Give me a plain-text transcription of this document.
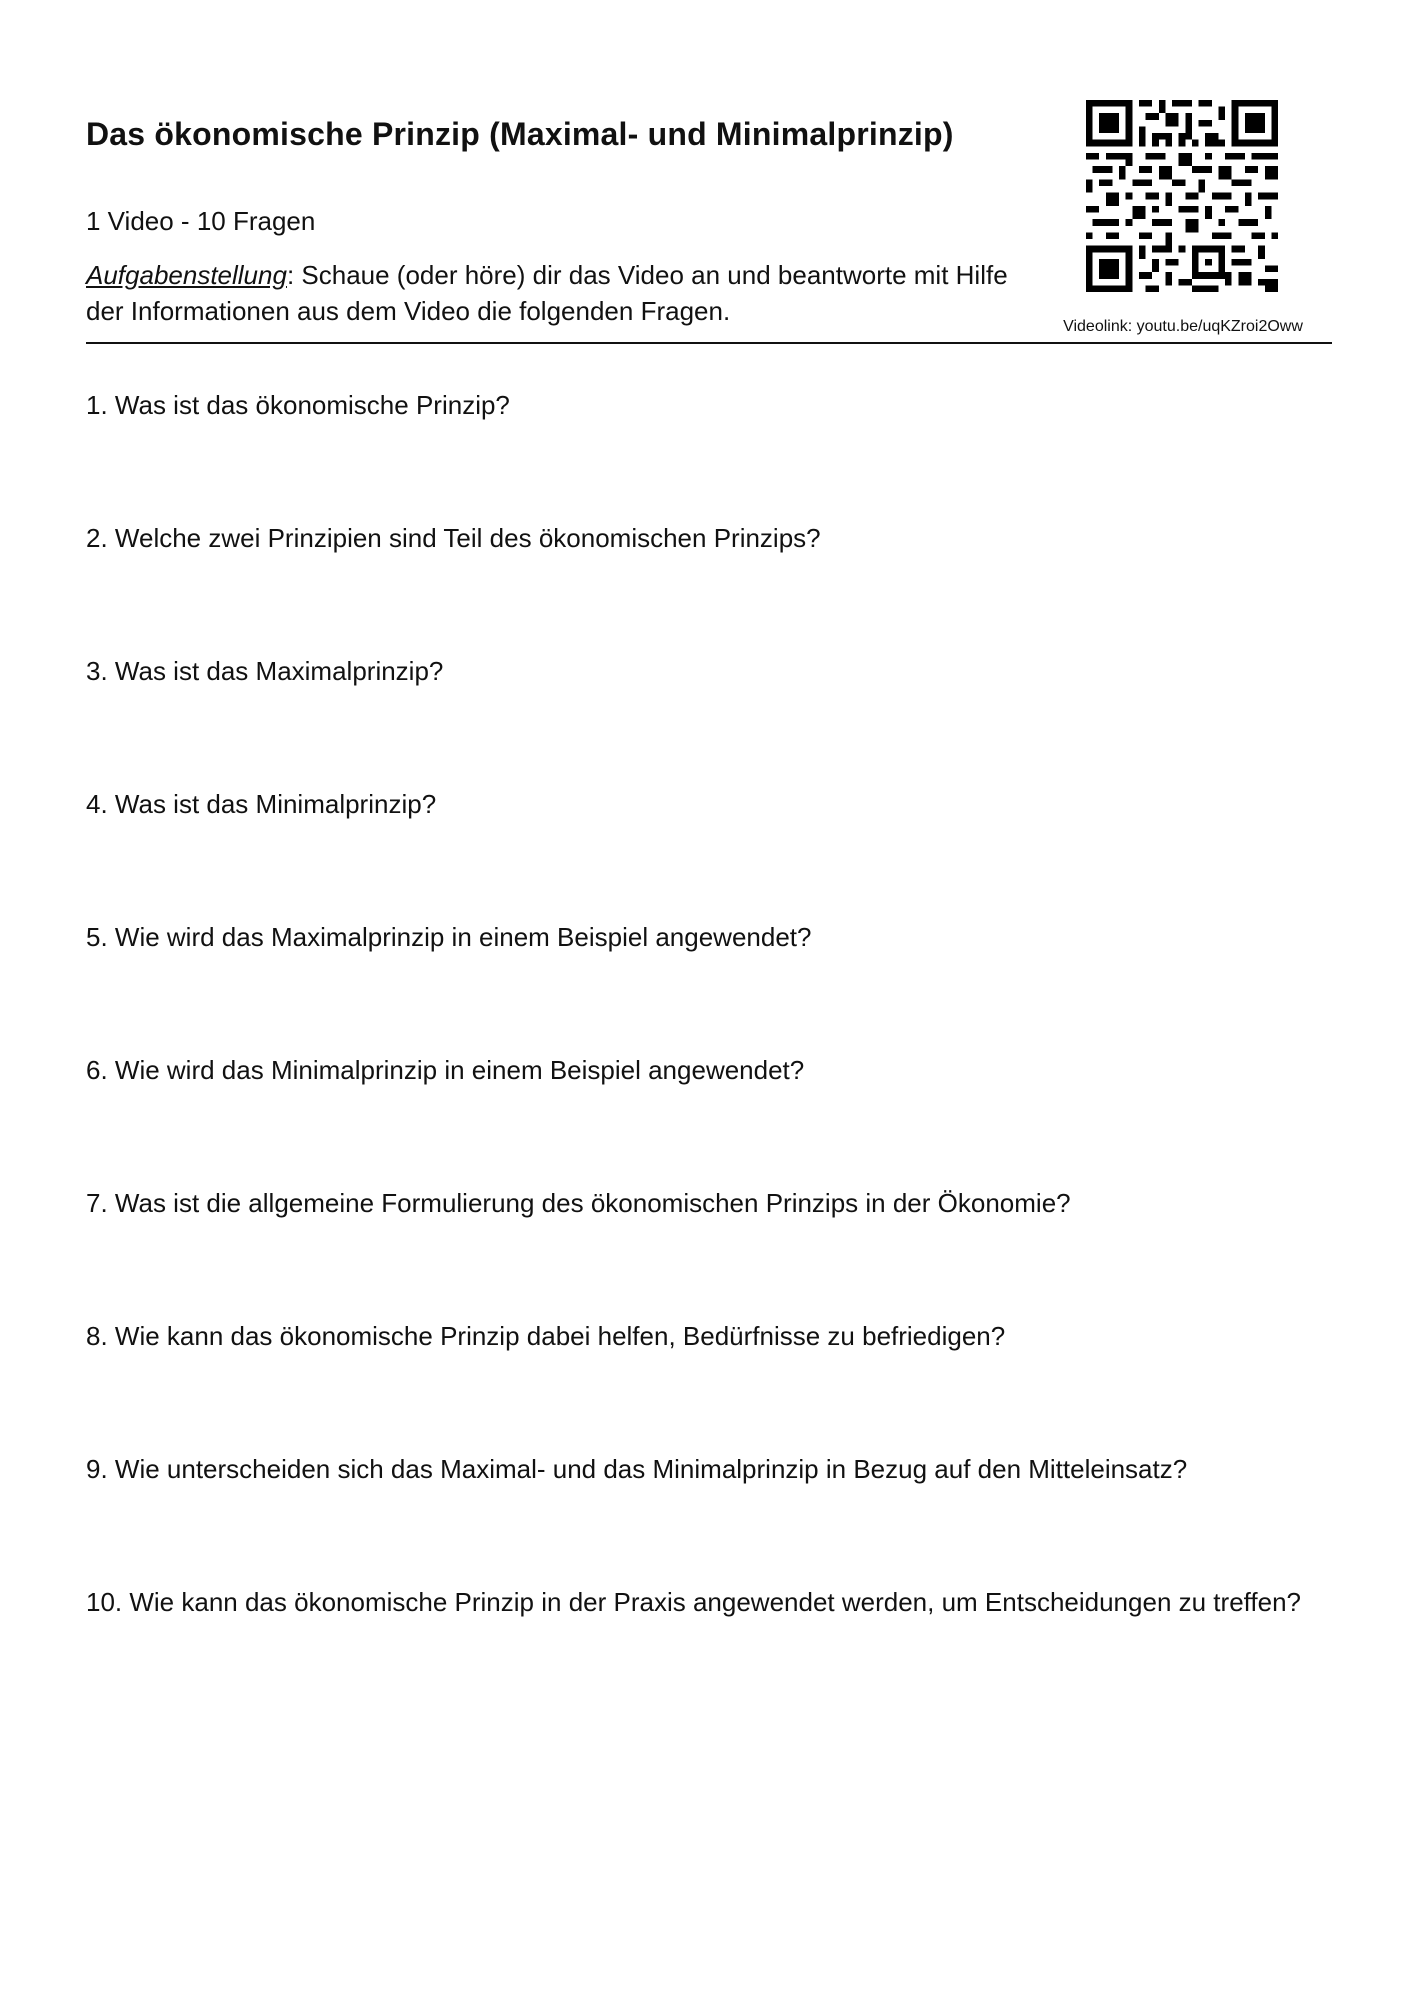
Das ökonomische Prinzip (Maximal- und Minimalprinzip)
1 Video - 10 Fragen
Aufgabenstellung: Schaue (oder höre) dir das Video an und beantworte mit Hilfe der Informationen aus dem Video die folgenden Fragen.
Videolink: youtu.be/uqKZroi2Oww
1. Was ist das ökonomische Prinzip?
2. Welche zwei Prinzipien sind Teil des ökonomischen Prinzips?
3. Was ist das Maximalprinzip?
4. Was ist das Minimalprinzip?
5. Wie wird das Maximalprinzip in einem Beispiel angewendet?
6. Wie wird das Minimalprinzip in einem Beispiel angewendet?
7. Was ist die allgemeine Formulierung des ökonomischen Prinzips in der Ökonomie?
8. Wie kann das ökonomische Prinzip dabei helfen, Bedürfnisse zu befriedigen?
9. Wie unterscheiden sich das Maximal- und das Minimalprinzip in Bezug auf den Mitteleinsatz?
10. Wie kann das ökonomische Prinzip in der Praxis angewendet werden, um Entscheidungen zu treffen?
